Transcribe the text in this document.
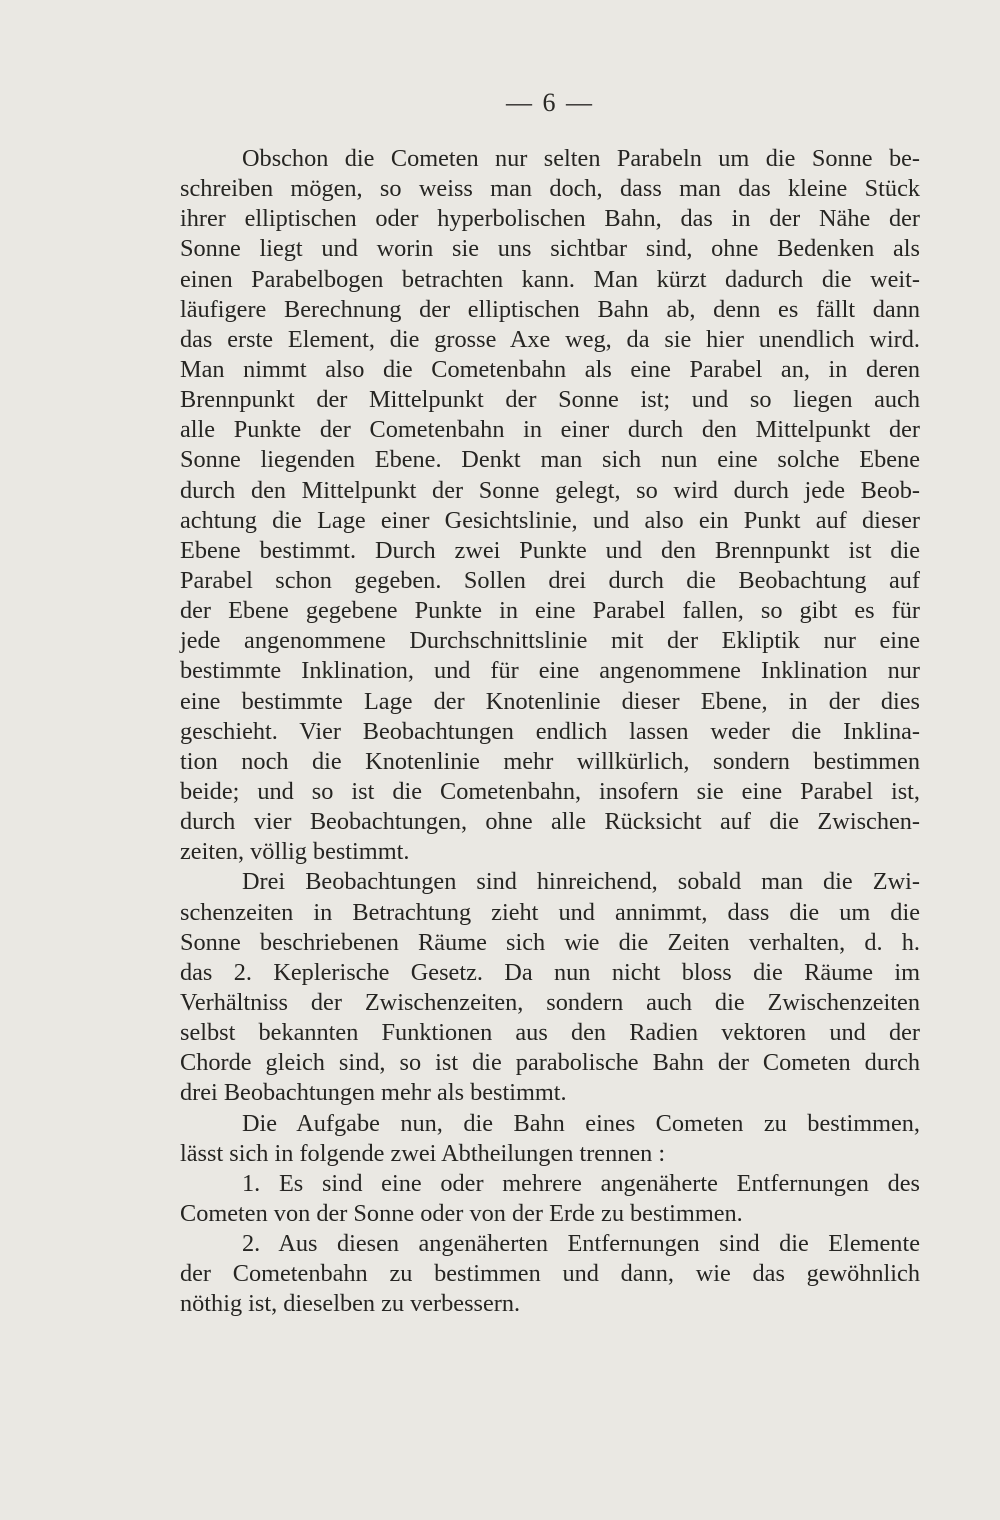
— 6 —
Obschon die Cometen nur selten Parabeln um die Sonne be-
schreiben mögen, so weiss man doch, dass man das kleine Stück
ihrer elliptischen oder hyperbolischen Bahn, das in der Nähe der
Sonne liegt und worin sie uns sichtbar sind, ohne Bedenken als
einen Parabelbogen betrachten kann. Man kürzt dadurch die weit-
läufigere Berechnung der elliptischen Bahn ab, denn es fällt dann
das erste Element, die grosse Axe weg, da sie hier unendlich wird.
Man nimmt also die Cometenbahn als eine Parabel an, in deren
Brennpunkt der Mittelpunkt der Sonne ist; und so liegen auch
alle Punkte der Cometenbahn in einer durch den Mittelpunkt der
Sonne liegenden Ebene. Denkt man sich nun eine solche Ebene
durch den Mittelpunkt der Sonne gelegt, so wird durch jede Beob-
achtung die Lage einer Gesichtslinie, und also ein Punkt auf dieser
Ebene bestimmt. Durch zwei Punkte und den Brennpunkt ist die
Parabel schon gegeben. Sollen drei durch die Beobachtung auf
der Ebene gegebene Punkte in eine Parabel fallen, so gibt es für
jede angenommene Durchschnittslinie mit der Ekliptik nur eine
bestimmte Inklination, und für eine angenommene Inklination nur
eine bestimmte Lage der Knotenlinie dieser Ebene, in der dies
geschieht. Vier Beobachtungen endlich lassen weder die Inklina-
tion noch die Knotenlinie mehr willkürlich, sondern bestimmen
beide; und so ist die Cometenbahn, insofern sie eine Parabel ist,
durch vier Beobachtungen, ohne alle Rücksicht auf die Zwischen-
zeiten, völlig bestimmt.
Drei Beobachtungen sind hinreichend, sobald man die Zwi-
schenzeiten in Betrachtung zieht und annimmt, dass die um die
Sonne beschriebenen Räume sich wie die Zeiten verhalten, d. h.
das 2. Keplerische Gesetz. Da nun nicht bloss die Räume im
Verhältniss der Zwischenzeiten, sondern auch die Zwischenzeiten
selbst bekannten Funktionen aus den Radien vektoren und der
Chorde gleich sind, so ist die parabolische Bahn der Cometen durch
drei Beobachtungen mehr als bestimmt.
Die Aufgabe nun, die Bahn eines Cometen zu bestimmen,
lässt sich in folgende zwei Abtheilungen trennen :
1. Es sind eine oder mehrere angenäherte Entfernungen des
Cometen von der Sonne oder von der Erde zu bestimmen.
2. Aus diesen angenäherten Entfernungen sind die Elemente
der Cometenbahn zu bestimmen und dann, wie das gewöhnlich
nöthig ist, dieselben zu verbessern.
